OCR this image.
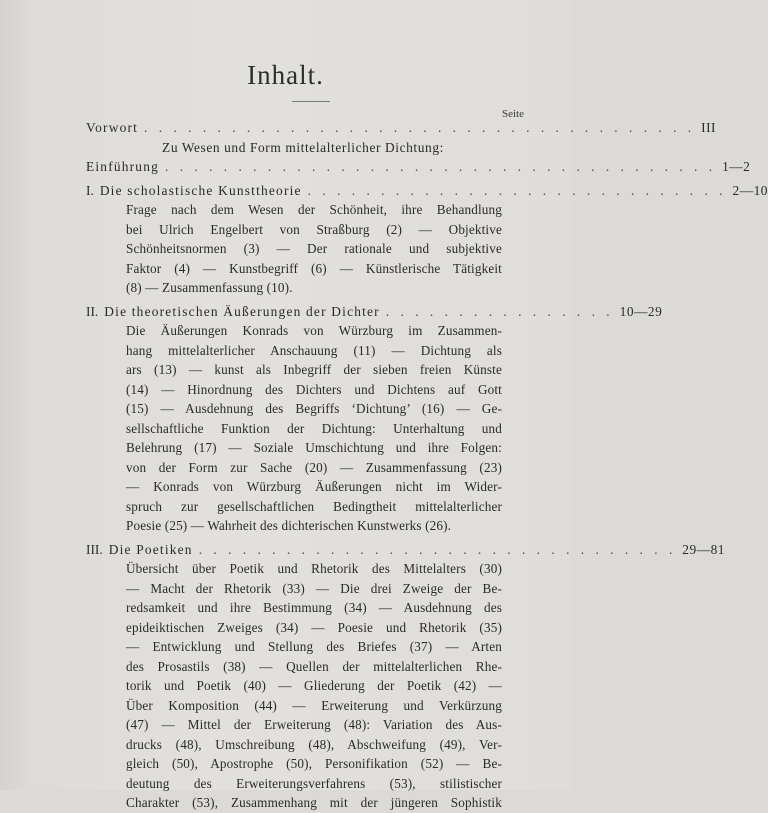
Inhalt.
Seite
Vorwort . . . . . . . . . . . . . . . . . . . . . . . . . . . . . . . . . . . . . . III
Zu Wesen und Form mittelalterlicher Dichtung:
Einführung . . . . . . . . . . . . . . . . . . . . . . . . . . . . . . . . . . . . . . 1—2
I. Die scholastische Kunsttheorie . . . . . . . . . . . . . . . . . . . . . . . . . . . . . 2—10
Frage nach dem Wesen der Schönheit, ihre Behandlung
bei Ulrich Engelbert von Straßburg (2) — Objektive
Schönheitsnormen (3) — Der rationale und subjektive
Faktor (4) — Kunstbegriff (6) — Künstlerische Tätigkeit
(8) — Zusammenfassung (10).
II. Die theoretischen Äußerungen der Dichter . . . . . . . . . . . . . . . . 10—29
Die Äußerungen Konrads von Würzburg im Zusammen-
hang mittelalterlicher Anschauung (11) — Dichtung als
ars (13) — kunst als Inbegriff der sieben freien Künste
(14) — Hinordnung des Dichters und Dichtens auf Gott
(15) — Ausdehnung des Begriffs ‘Dichtung’ (16) — Ge-
sellschaftliche Funktion der Dichtung: Unterhaltung und
Belehrung (17) — Soziale Umschichtung und ihre Folgen:
von der Form zur Sache (20) — Zusammenfassung (23)
— Konrads von Würzburg Äußerungen nicht im Wider-
spruch zur gesellschaftlichen Bedingtheit mittelalterlicher
Poesie (25) — Wahrheit des dichterischen Kunstwerks (26).
III. Die Poetiken . . . . . . . . . . . . . . . . . . . . . . . . . . . . . . . . . 29—81
Übersicht über Poetik und Rhetorik des Mittelalters (30)
— Macht der Rhetorik (33) — Die drei Zweige der Be-
redsamkeit und ihre Bestimmung (34) — Ausdehnung des
epideiktischen Zweiges (34) — Poesie und Rhetorik (35)
— Entwicklung und Stellung des Briefes (37) — Arten
des Prosastils (38) — Quellen der mittelalterlichen Rhe-
torik und Poetik (40) — Gliederung der Poetik (42) —
Über Komposition (44) — Erweiterung und Verkürzung
(47) — Mittel der Erweiterung (48): Variation des Aus-
drucks (48), Umschreibung (48), Abschweifung (49), Ver-
gleich (50), Apostrophe (50), Personifikation (52) — Be-
deutung des Erweiterungsverfahrens (53), stilistischer
Charakter (53), Zusammenhang mit der jüngeren Sophistik
